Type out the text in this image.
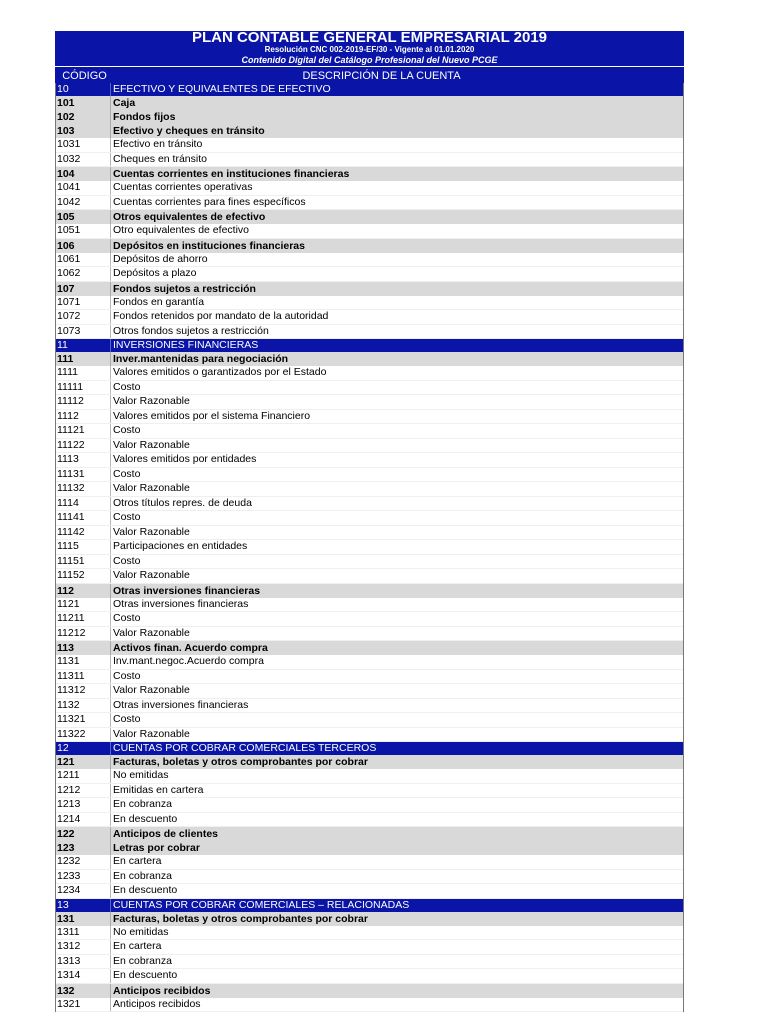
PLAN CONTABLE GENERAL EMPRESARIAL 2019
Resolución CNC 002-2019-EF/30 - Vigente al 01.01.2020
Contenido Digital del Catálogo Profesional del Nuevo PCGE
CÓDIGO	DESCRIPCIÓN DE LA CUENTA
10	EFECTIVO Y EQUIVALENTES DE EFECTIVO
101	Caja
102	Fondos fijos
103	Efectivo y cheques en tránsito
1031	Efectivo en tránsito
1032	Cheques en tránsito
104	Cuentas corrientes en instituciones financieras
1041	Cuentas corrientes operativas
1042	Cuentas corrientes para fines específicos
105	Otros equivalentes de efectivo
1051	Otro equivalentes de efectivo
106	Depósitos en instituciones financieras
1061	Depósitos de ahorro
1062	Depósitos a plazo
107	Fondos sujetos a restricción
1071	Fondos en garantía
1072	Fondos retenidos por mandato de la autoridad
1073	Otros fondos sujetos a restricción
11	INVERSIONES FINANCIERAS
111	Inver.mantenidas para negociación
1111	Valores emitidos o garantizados por el Estado
11111	Costo
11112	Valor Razonable
1112	Valores emitidos por el sistema Financiero
11121	Costo
11122	Valor Razonable
1113	Valores emitidos por entidades
11131	Costo
11132	Valor Razonable
1114	Otros títulos repres. de deuda
11141	Costo
11142	Valor Razonable
1115	Participaciones en entidades
11151	Costo
11152	Valor Razonable
112	Otras inversiones financieras
1121	Otras inversiones financieras
11211	Costo
11212	Valor Razonable
113	Activos finan. Acuerdo compra
1131	Inv.mant.negoc.Acuerdo compra
11311	Costo
11312	Valor Razonable
1132	Otras inversiones financieras
11321	Costo
11322	Valor Razonable
12	CUENTAS POR COBRAR COMERCIALES TERCEROS
121	Facturas, boletas y otros comprobantes por cobrar
1211	No emitidas
1212	Emitidas en cartera
1213	En cobranza
1214	En descuento
122	Anticipos de clientes
123	Letras por cobrar
1232	En cartera
1233	En cobranza
1234	En descuento
13	CUENTAS POR COBRAR COMERCIALES – RELACIONADAS
131	Facturas, boletas y otros comprobantes por cobrar
1311	No emitidas
1312	En cartera
1313	En cobranza
1314	En descuento
132	Anticipos recibidos
1321	Anticipos recibidos
